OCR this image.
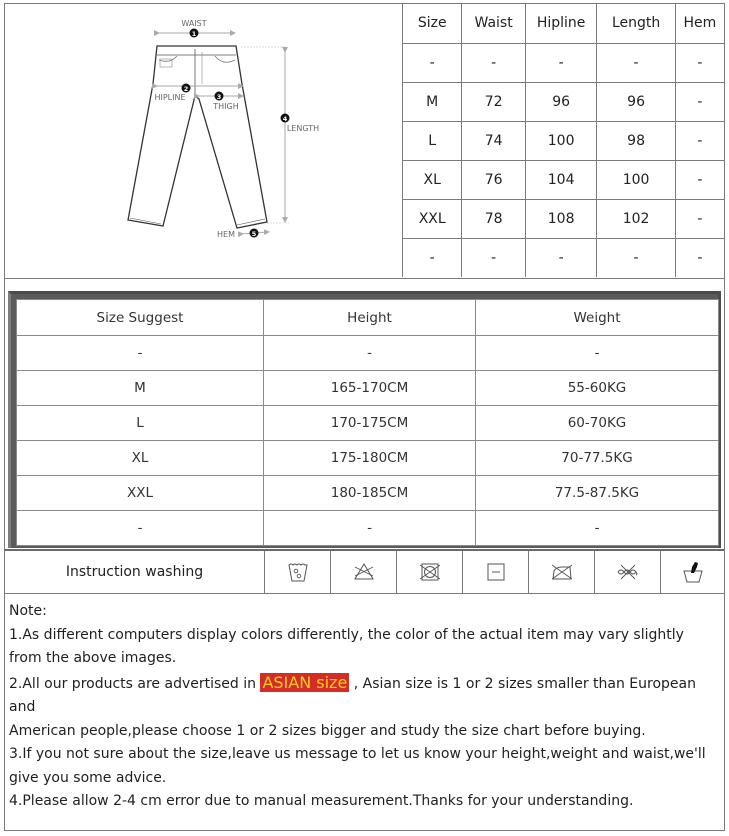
WAIST
1
2
HIPLINE	3
THIGH
4
LENGTH
5
HEM
Size	Waist	Hipline	Length	Hem
-	-	-	-	-
M	72	96	96	-
L	74	100	98	-
XL	76	104	100	-
XXL	78	108	102	-
-	-	-	-	-
Size Suggest	Height	Weight
-	-	-
M	165-170CM	55-60KG
L	170-175CM	60-70KG
XL	175-180CM	70-77.5KG
XXL	180-185CM	77.5-87.5KG
-	-	-
Instruction washing

Note:

1.As different computers display colors differently, the color of the actual item may vary slightly from the above images.

2.All our products are advertised in ASIAN size , Asian size is 1 or 2 sizes smaller than European and

American people,please choose 1 or 2 sizes bigger and study the size chart before buying.

3.If you not sure about the size,leave us message to let us know your height,weight and waist,we'll give you some advice.

4.Please allow 2-4 cm error due to manual measurement.Thanks for your understanding.
